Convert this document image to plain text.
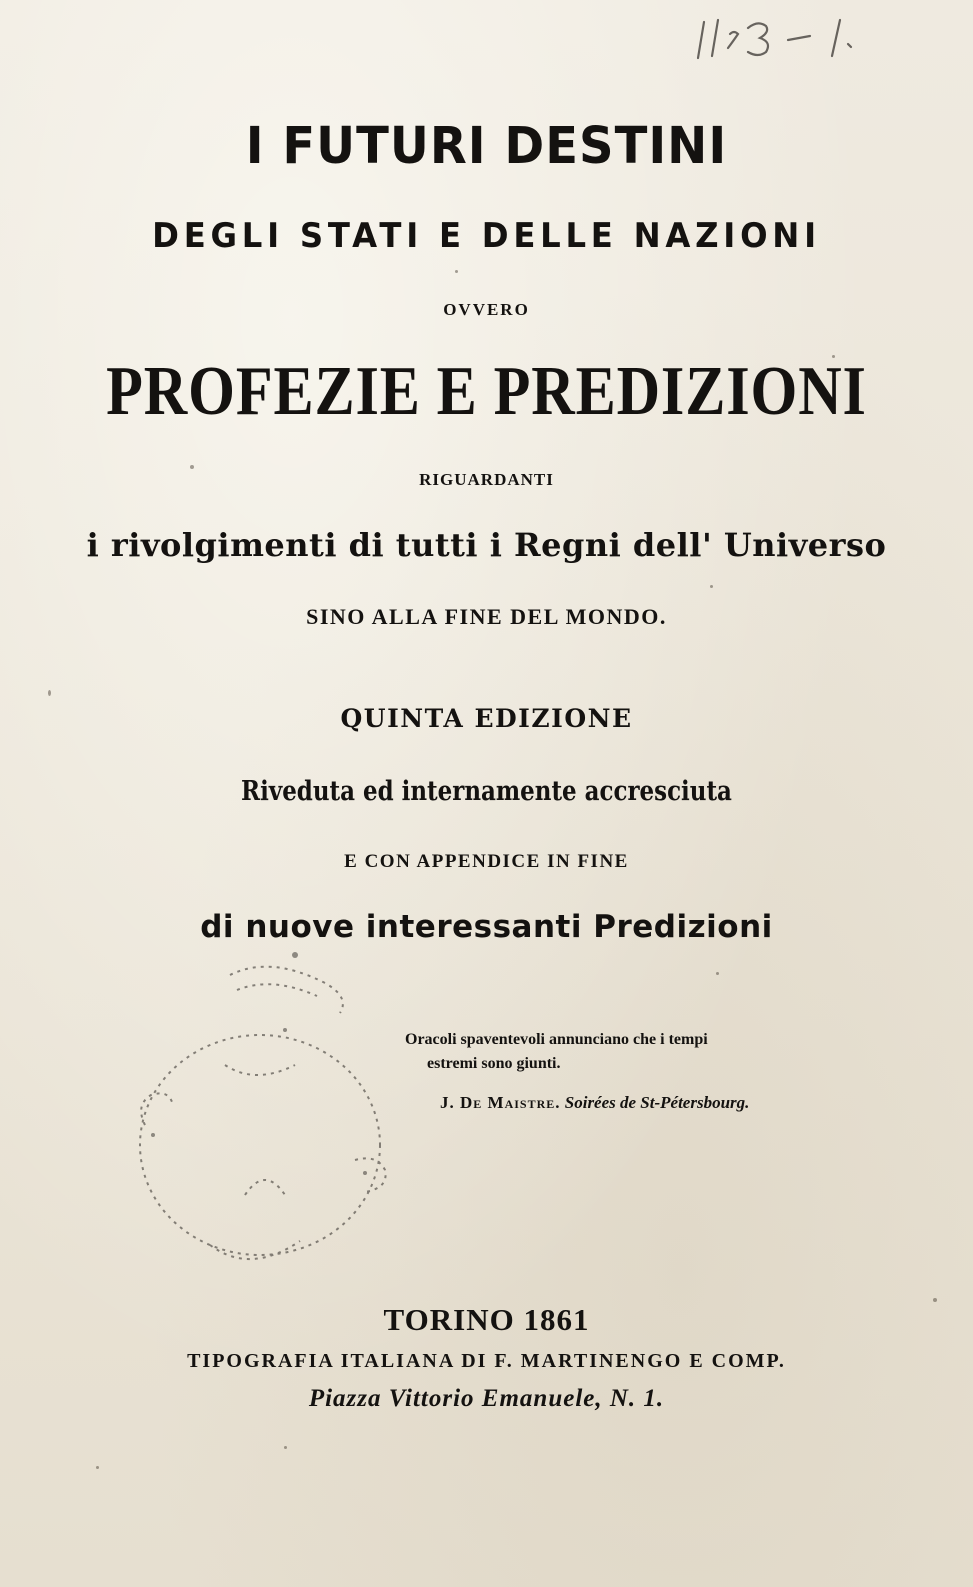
I FUTURI DESTINI
DEGLI STATI E DELLE NAZIONI
OVVERO
PROFEZIE E PREDIZIONI
RIGUARDANTI
i rivolgimenti di tutti i Regni dell' Universo
SINO ALLA FINE DEL MONDO.
QUINTA EDIZIONE
Riveduta ed internamente accresciuta
E CON APPENDICE IN FINE
di nuove interessanti Predizioni
Oracoli spaventevoli annunciano che i tempi
estremi sono giunti.
J. De Maistre. Soirées de St-Pétersbourg.
TORINO 1861
TIPOGRAFIA ITALIANA DI F. MARTINENGO E COMP.
Piazza Vittorio Emanuele, N. 1.
